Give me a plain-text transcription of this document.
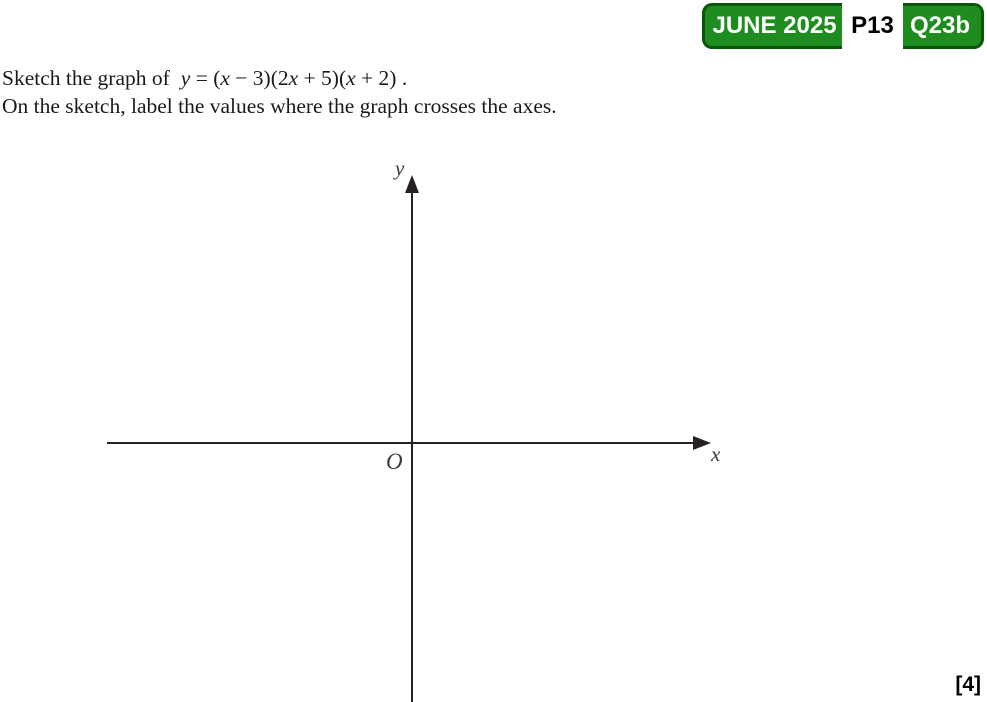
JUNE 2025 P13 Q23b
Sketch the graph of y = (x − 3)(2x + 5)(x + 2) .
On the sketch, label the values where the graph crosses the axes.
y
x
O
[4]
